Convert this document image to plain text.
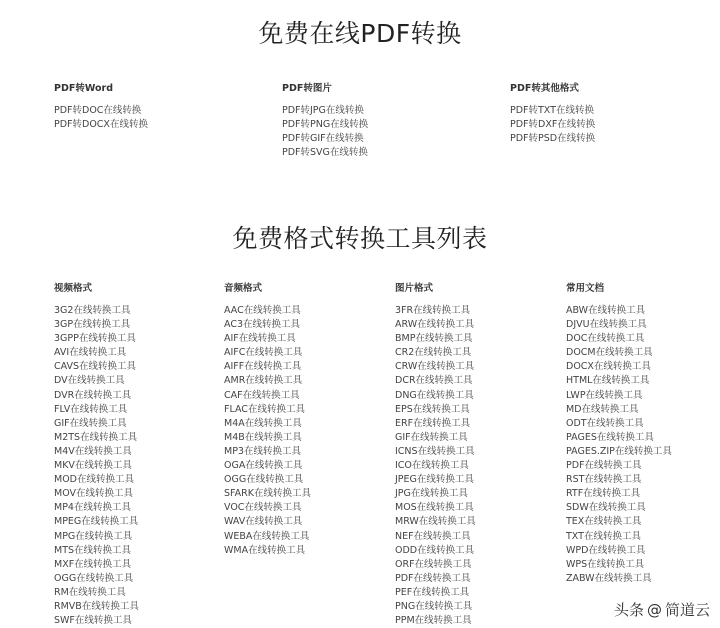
免费在线PDF转换
PDF转Word
PDF转DOC在线转换
PDF转DOCX在线转换
PDF转图片
PDF转JPG在线转换
PDF转PNG在线转换
PDF转GIF在线转换
PDF转SVG在线转换
PDF转其他格式
PDF转TXT在线转换
PDF转DXF在线转换
PDF转PSD在线转换
免费格式转换工具列表
视频格式
3G2在线转换工具
3GP在线转换工具
3GPP在线转换工具
AVI在线转换工具
CAVS在线转换工具
DV在线转换工具
DVR在线转换工具
FLV在线转换工具
GIF在线转换工具
M2TS在线转换工具
M4V在线转换工具
MKV在线转换工具
MOD在线转换工具
MOV在线转换工具
MP4在线转换工具
MPEG在线转换工具
MPG在线转换工具
MTS在线转换工具
MXF在线转换工具
OGG在线转换工具
RM在线转换工具
RMVB在线转换工具
SWF在线转换工具
音频格式
AAC在线转换工具
AC3在线转换工具
AIF在线转换工具
AIFC在线转换工具
AIFF在线转换工具
AMR在线转换工具
CAF在线转换工具
FLAC在线转换工具
M4A在线转换工具
M4B在线转换工具
MP3在线转换工具
OGA在线转换工具
OGG在线转换工具
SFARK在线转换工具
VOC在线转换工具
WAV在线转换工具
WEBA在线转换工具
WMA在线转换工具
图片格式
3FR在线转换工具
ARW在线转换工具
BMP在线转换工具
CR2在线转换工具
CRW在线转换工具
DCR在线转换工具
DNG在线转换工具
EPS在线转换工具
ERF在线转换工具
GIF在线转换工具
ICNS在线转换工具
ICO在线转换工具
JPEG在线转换工具
JPG在线转换工具
MOS在线转换工具
MRW在线转换工具
NEF在线转换工具
ODD在线转换工具
ORF在线转换工具
PDF在线转换工具
PEF在线转换工具
PNG在线转换工具
PPM在线转换工具
常用文档
ABW在线转换工具
DJVU在线转换工具
DOC在线转换工具
DOCM在线转换工具
DOCX在线转换工具
HTML在线转换工具
LWP在线转换工具
MD在线转换工具
ODT在线转换工具
PAGES在线转换工具
PAGES.ZIP在线转换工具
PDF在线转换工具
RST在线转换工具
RTF在线转换工具
SDW在线转换工具
TEX在线转换工具
TXT在线转换工具
WPD在线转换工具
WPS在线转换工具
ZABW在线转换工具
头条 @ 简道云
